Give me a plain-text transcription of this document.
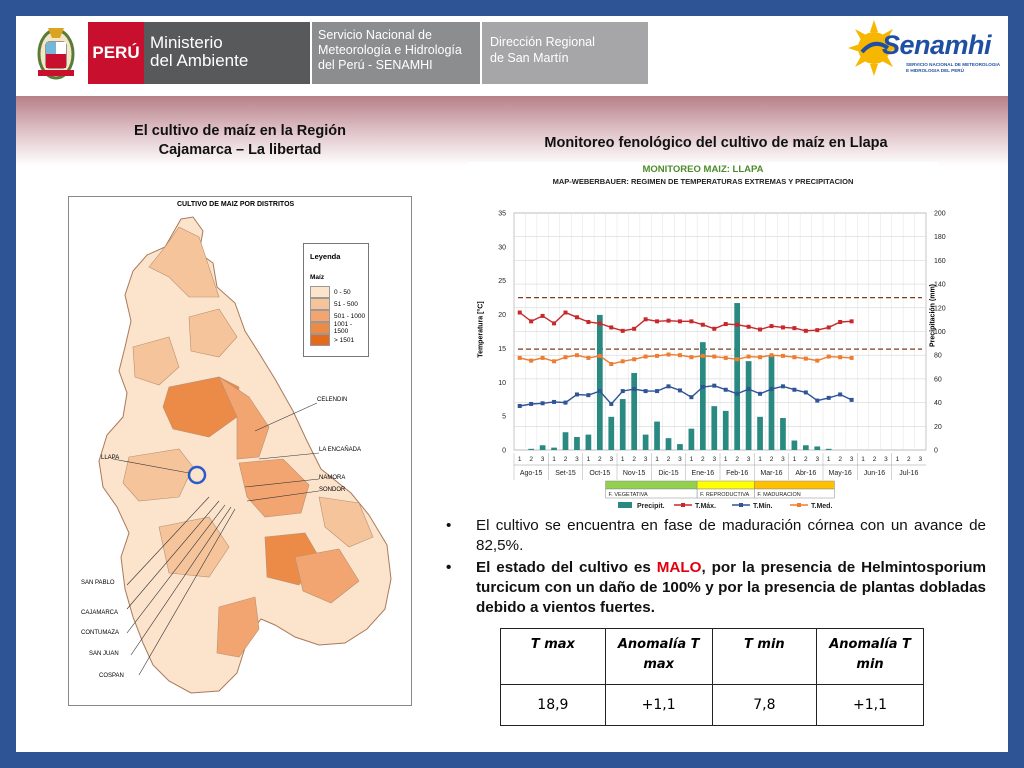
PERÚ
Ministerio
del Ambiente
Servicio Nacional de
Meteorología e Hidrología
del Perú - SENAMHI
Dirección Regional
de San Martín	Senamhi
SERVICIO NACIONAL DE METEOROLOGIA
E HIDROLOGIA DEL PERÚ
El cultivo de maíz en la Región
Cajamarca – La libertad	Monitoreo fenológico del cultivo de maíz en Llapa
CULTIVO DE MAIZ POR DISTRITOS
CELENDIN
LA ENCAÑADA
LLAPA
NAMORA
SONDOR
SAN PABLO
CAJAMARCA
CONTUMAZA
SAN JUAN
COSPAN
Leyenda
Maíz
0 - 50
51 - 500
501 - 1000
1001 - 1500
> 1501
MONITOREO MAIZ: LLAPA
MAP-WEBERBAUER: REGIMEN DE TEMPERATURAS EXTREMAS Y PRECIPITACION
Temperatura [°C]	Precipitación (mm)
0
5
10
15
20
25
30
35
0
20
40
60
80
100
120
140
160
180
200
1 2 3 1 2 3 1 2 3 1 2 3 1 2 3 1 2 3 1 2 3 1 2 3 1 2 3 1 2 3 1 2 3 1 2 3
Ago-15 Set-15 Oct-15 Nov-15 Dic-15 Ene-16 Feb-16 Mar-16 Abr-16 May-16 Jun-16 Jul-16
F. VEGETATIVA	F. REPRODUCTIVA F. MADURACION
Precipit.	T.Máx.	T.Mín.	T.Med.
• El cultivo se encuentra en fase de maduración córnea con un avance de 82,5%.
• El estado del cultivo es MALO, por la presencia de Helmintosporium turcicum con un daño de 100% y por la presencia de plantas dobladas debido a vientos fuertes.
T max	Anomalía T max	T min	Anomalía T min
18,9	+1,1	7,8	+1,1
